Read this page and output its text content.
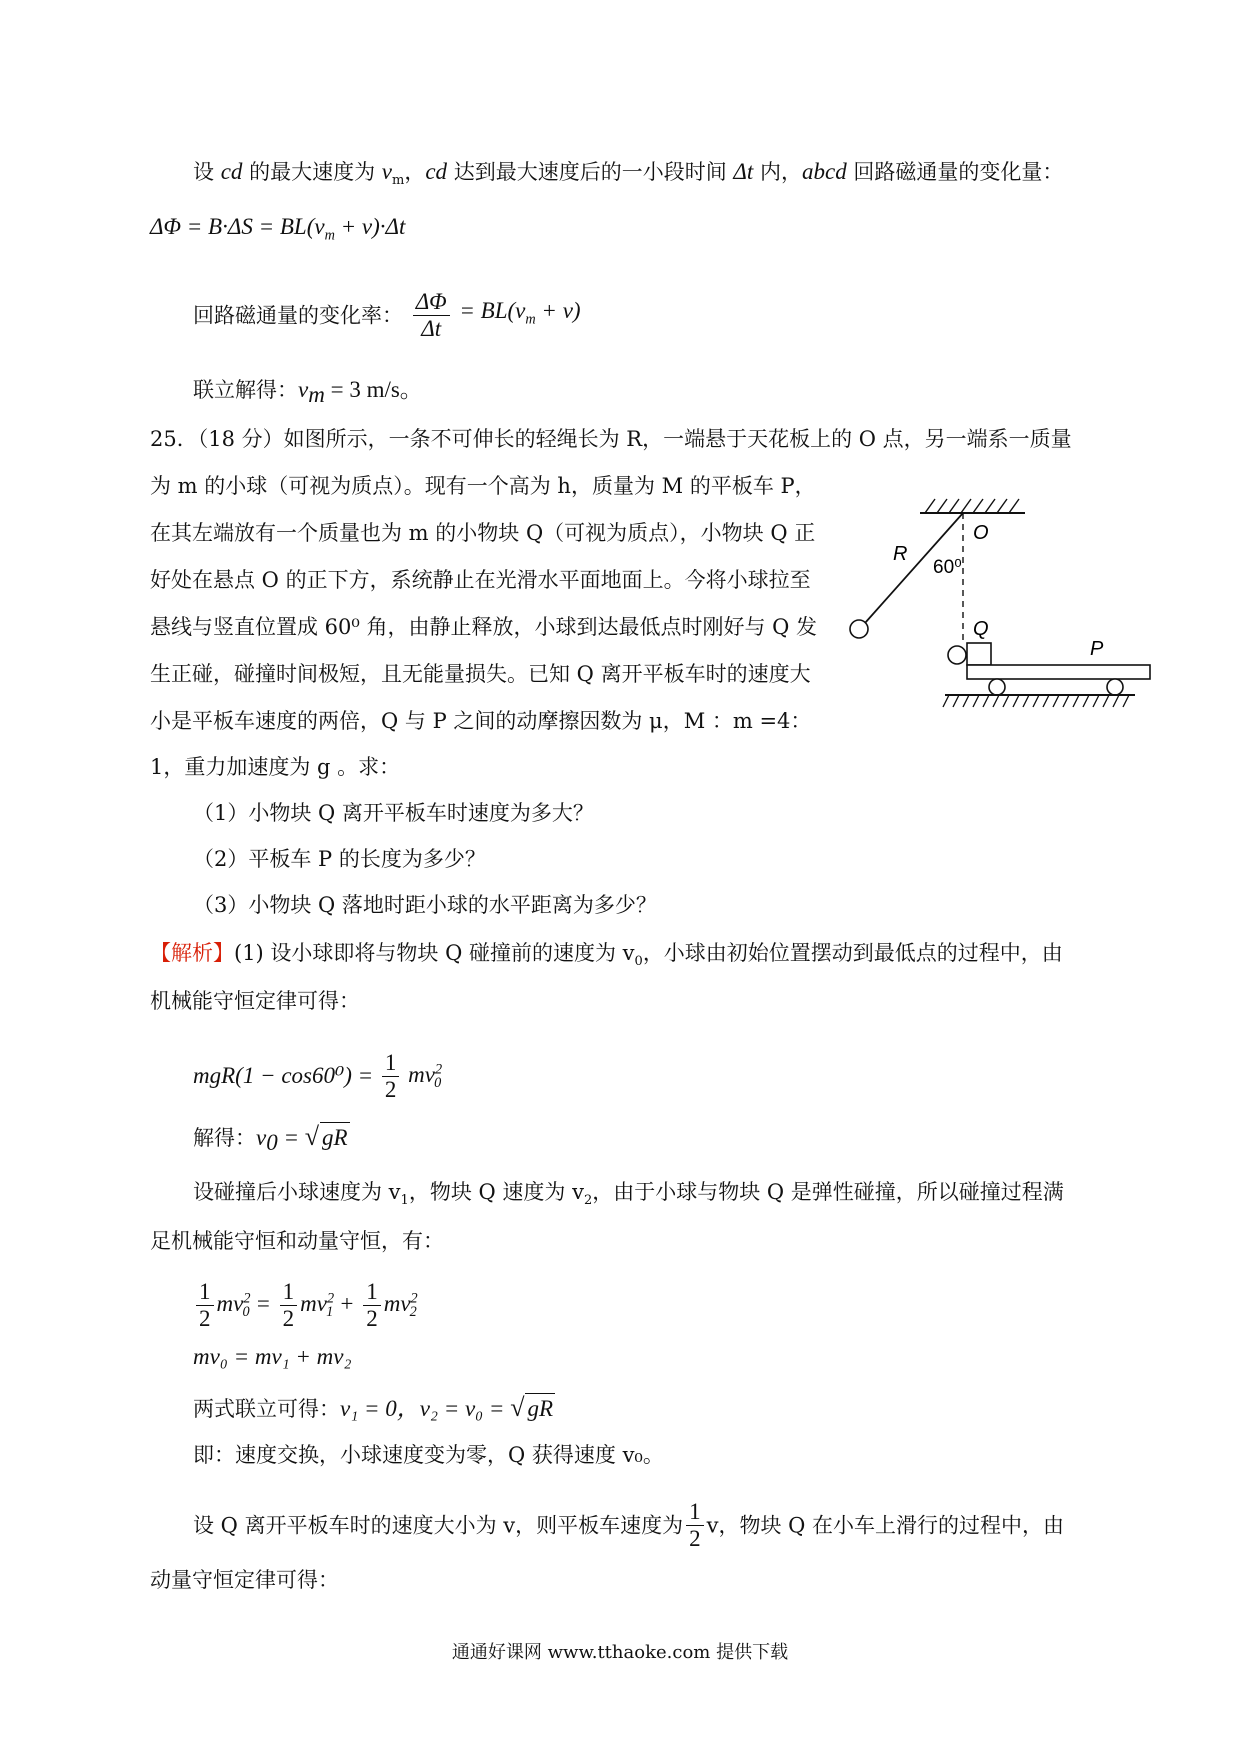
设 cd 的最大速度为 $v_m$，cd 达到最大速度后的一小段时间 Δt 内，abcd 回路磁通量的变化量：
$\Delta\Phi = B\cdot\Delta S = BL(v_m + v)\cdot\Delta t$
回路磁通量的变化率： $\frac{\Delta\Phi}{\Delta t} = BL(v_m + v)$
联立解得：$v_m = 3$ m/s。
25．（18 分）如图所示，一条不可伸长的轻绳长为 R，一端悬于天花板上的 O 点，另一端系一质量
为 m 的小球（可视为质点）。现有一个高为 h，质量为 M 的平板车 P，
在其左端放有一个质量也为 m 的小物块 Q（可视为质点），小物块 Q 正
好处在悬点 O 的正下方，系统静止在光滑水平面地面上。今将小球拉至
悬线与竖直位置成 60⁰ 角，由静止释放，小球到达最低点时刚好与 Q 发
生正碰，碰撞时间极短，且无能量损失。已知 Q 离开平板车时的速度大
小是平板车速度的两倍，Q 与 P 之间的动摩擦因数为 μ，M ：m =4：
1，重力加速度为 g 。求：
（1）小物块 Q 离开平板车时速度为多大？
（2）平板车 P 的长度为多少？
（3）小物块 Q 落地时距小球的水平距离为多少？
R
O
60⁰
Q
P
【解析】(1) 设小球即将与物块 Q 碰撞前的速度为 $v_0$，小球由初始位置摆动到最低点的过程中，由
机械能守恒定律可得：
$mgR(1 - \cos 60^0) = \frac{1}{2} mv^2_0$
解得：$v_0$ = √ gR
设碰撞后小球速度为 $v_1$，物块 Q 速度为 $v_2$，由于小球与物块 Q 是弹性碰撞，所以碰撞过程满
足机械能守恒和动量守恒，有：
$\frac{1}{2} mv^2_0 = \frac{1}{2} mv^2_1 + \frac{1}{2} mv^2_2$
mv₀ = mv₁ + mv₂
两式联立可得：v₁ = 0，v₂ = v₀ = √ gR
即：速度交换，小球速度变为零，Q 获得速度 v₀。
设 Q 离开平板车时的速度大小为 v，则平板车速度为 $\frac{1}{2}$ v，物块 Q 在小车上滑行的过程中，由
动量守恒定律可得：
通通好课网 www.tthaoke.com 提供下载
